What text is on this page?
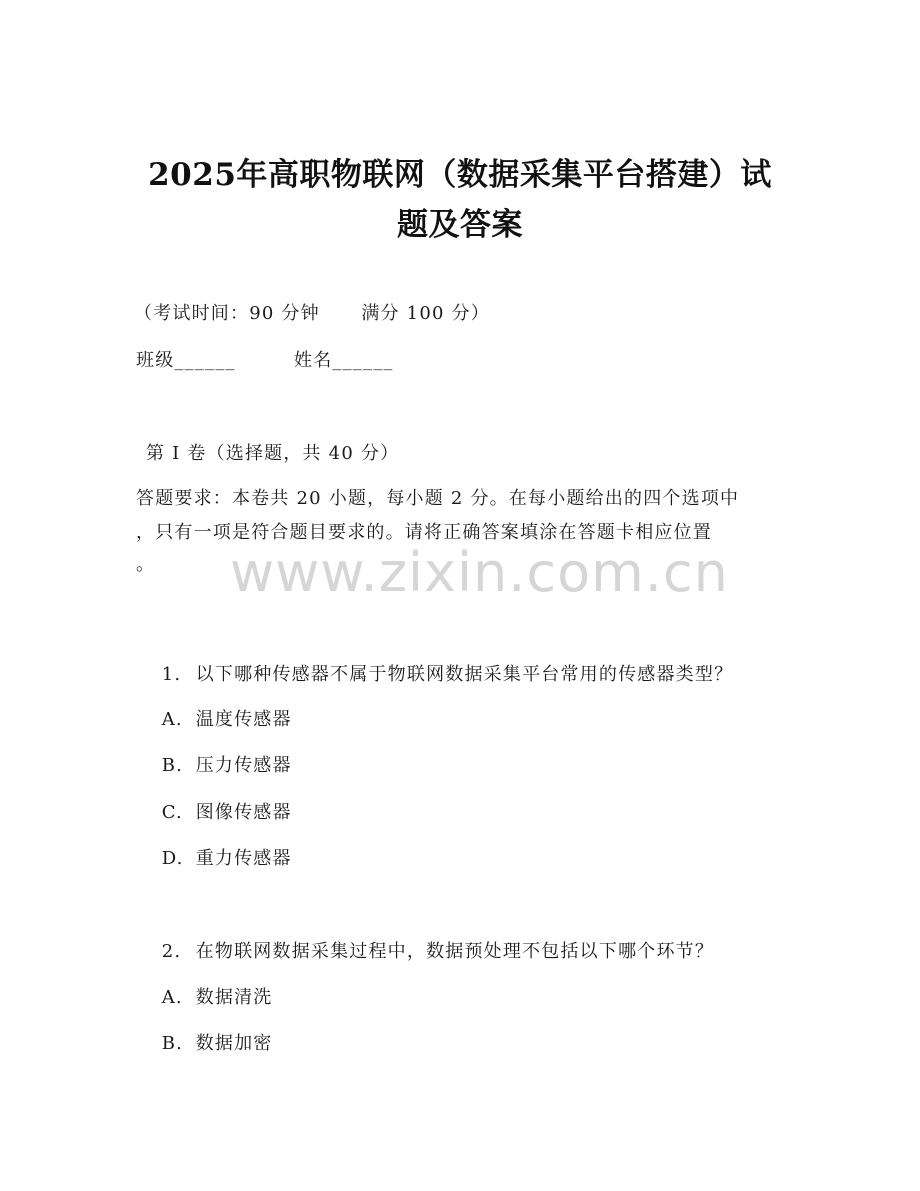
2025年高职物联网（数据采集平台搭建）试
题及答案
（考试时间：90 分钟      满分 100 分）
班级______	姓名______
第 I 卷（选择题，共 40 分）
答题要求：本卷共 20 小题，每小题 2 分。在每小题给出的四个选项中
，只有一项是符合题目要求的。请将正确答案填涂在答题卡相应位置
。 www.zixin.com.cn

1. 以下哪种传感器不属于物联网数据采集平台常用的传感器类型？

A. 温度传感器

B. 压力传感器

C. 图像传感器

D. 重力传感器

2. 在物联网数据采集过程中，数据预处理不包括以下哪个环节？

A. 数据清洗

B. 数据加密
